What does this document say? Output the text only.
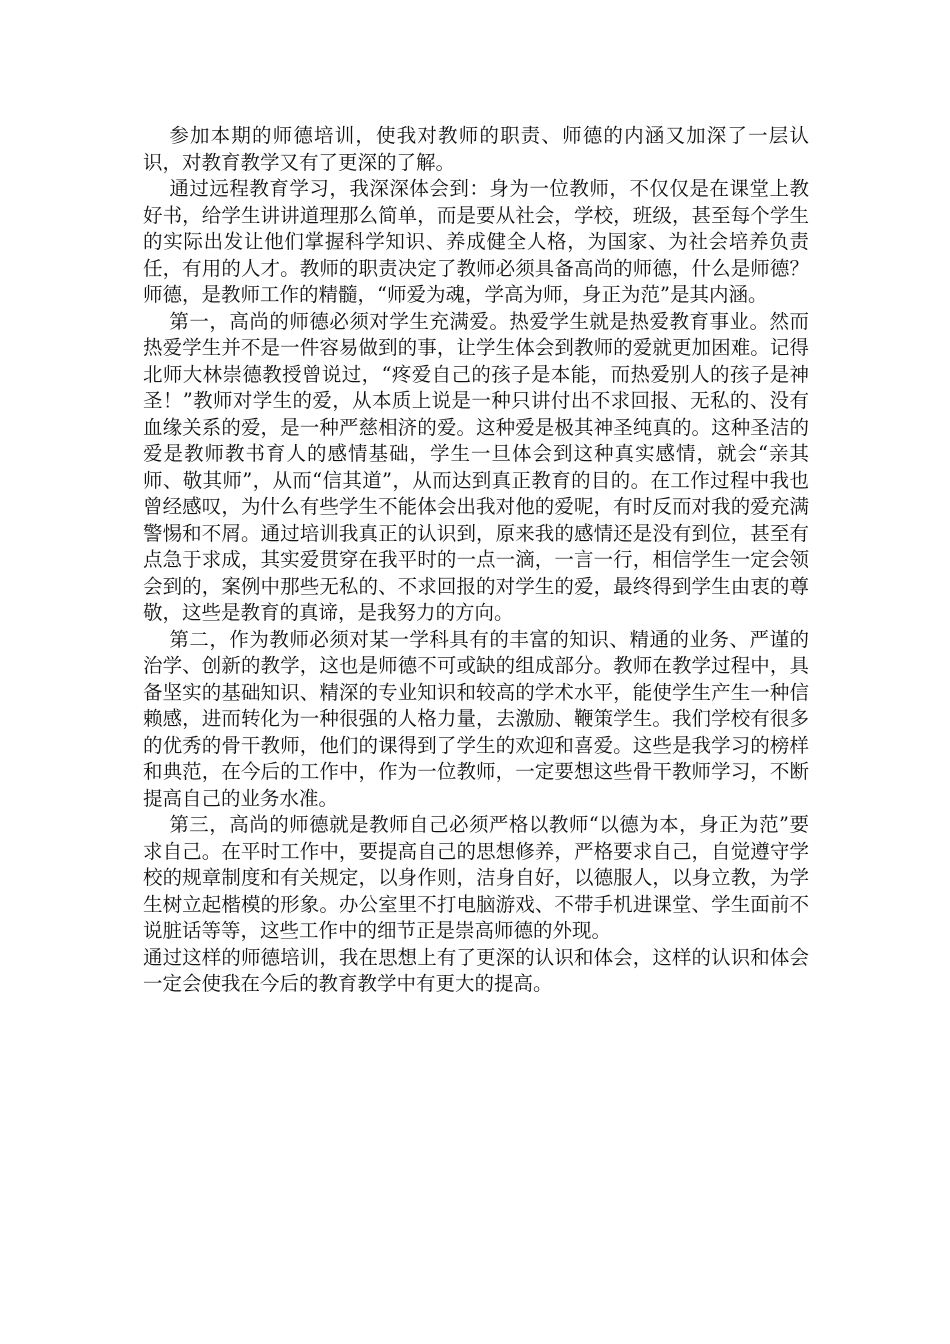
参加本期的师德培训，使我对教师的职责、师德的内涵又加深了一层认识，对教育教学又有了更深的了解。

通过远程教育学习，我深深体会到：身为一位教师，不仅仅是在课堂上教好书，给学生讲讲道理那么简单，而是要从社会，学校，班级，甚至每个学生的实际出发让他们掌握科学知识、养成健全人格，为国家、为社会培养负责任，有用的人才。教师的职责决定了教师必须具备高尚的师德，什么是师德？师德，是教师工作的精髓，“师爱为魂，学高为师，身正为范”是其内涵。

第一，高尚的师德必须对学生充满爱。热爱学生就是热爱教育事业。然而热爱学生并不是一件容易做到的事，让学生体会到教师的爱就更加困难。记得北师大林崇德教授曾说过，“疼爱自己的孩子是本能，而热爱别人的孩子是神圣！”教师对学生的爱，从本质上说是一种只讲付出不求回报、无私的、没有血缘关系的爱，是一种严慈相济的爱。这种爱是极其神圣纯真的。这种圣洁的爱是教师教书育人的感情基础，学生一旦体会到这种真实感情，就会“亲其师、敬其师”，从而“信其道”，从而达到真正教育的目的。在工作过程中我也曾经感叹，为什么有些学生不能体会出我对他的爱呢，有时反而对我的爱充满警惕和不屑。通过培训我真正的认识到，原来我的感情还是没有到位，甚至有点急于求成，其实爱贯穿在我平时的一点一滴，一言一行，相信学生一定会领会到的，案例中那些无私的、不求回报的对学生的爱，最终得到学生由衷的尊敬，这些是教育的真谛，是我努力的方向。

第二，作为教师必须对某一学科具有的丰富的知识、精通的业务、严谨的治学、创新的教学，这也是师德不可或缺的组成部分。教师在教学过程中，具备坚实的基础知识、精深的专业知识和较高的学术水平，能使学生产生一种信赖感，进而转化为一种很强的人格力量，去激励、鞭策学生。我们学校有很多的优秀的骨干教师，他们的课得到了学生的欢迎和喜爱。这些是我学习的榜样和典范，在今后的工作中，作为一位教师，一定要想这些骨干教师学习，不断提高自己的业务水准。

第三，高尚的师德就是教师自己必须严格以教师“以德为本，身正为范”要求自己。在平时工作中，要提高自己的思想修养，严格要求自己，自觉遵守学校的规章制度和有关规定，以身作则，洁身自好，以德服人，以身立教，为学生树立起楷模的形象。办公室里不打电脑游戏、不带手机进课堂、学生面前不说脏话等等，这些工作中的细节正是崇高师德的外现。

通过这样的师德培训，我在思想上有了更深的认识和体会，这样的认识和体会一定会使我在今后的教育教学中有更大的提高。
